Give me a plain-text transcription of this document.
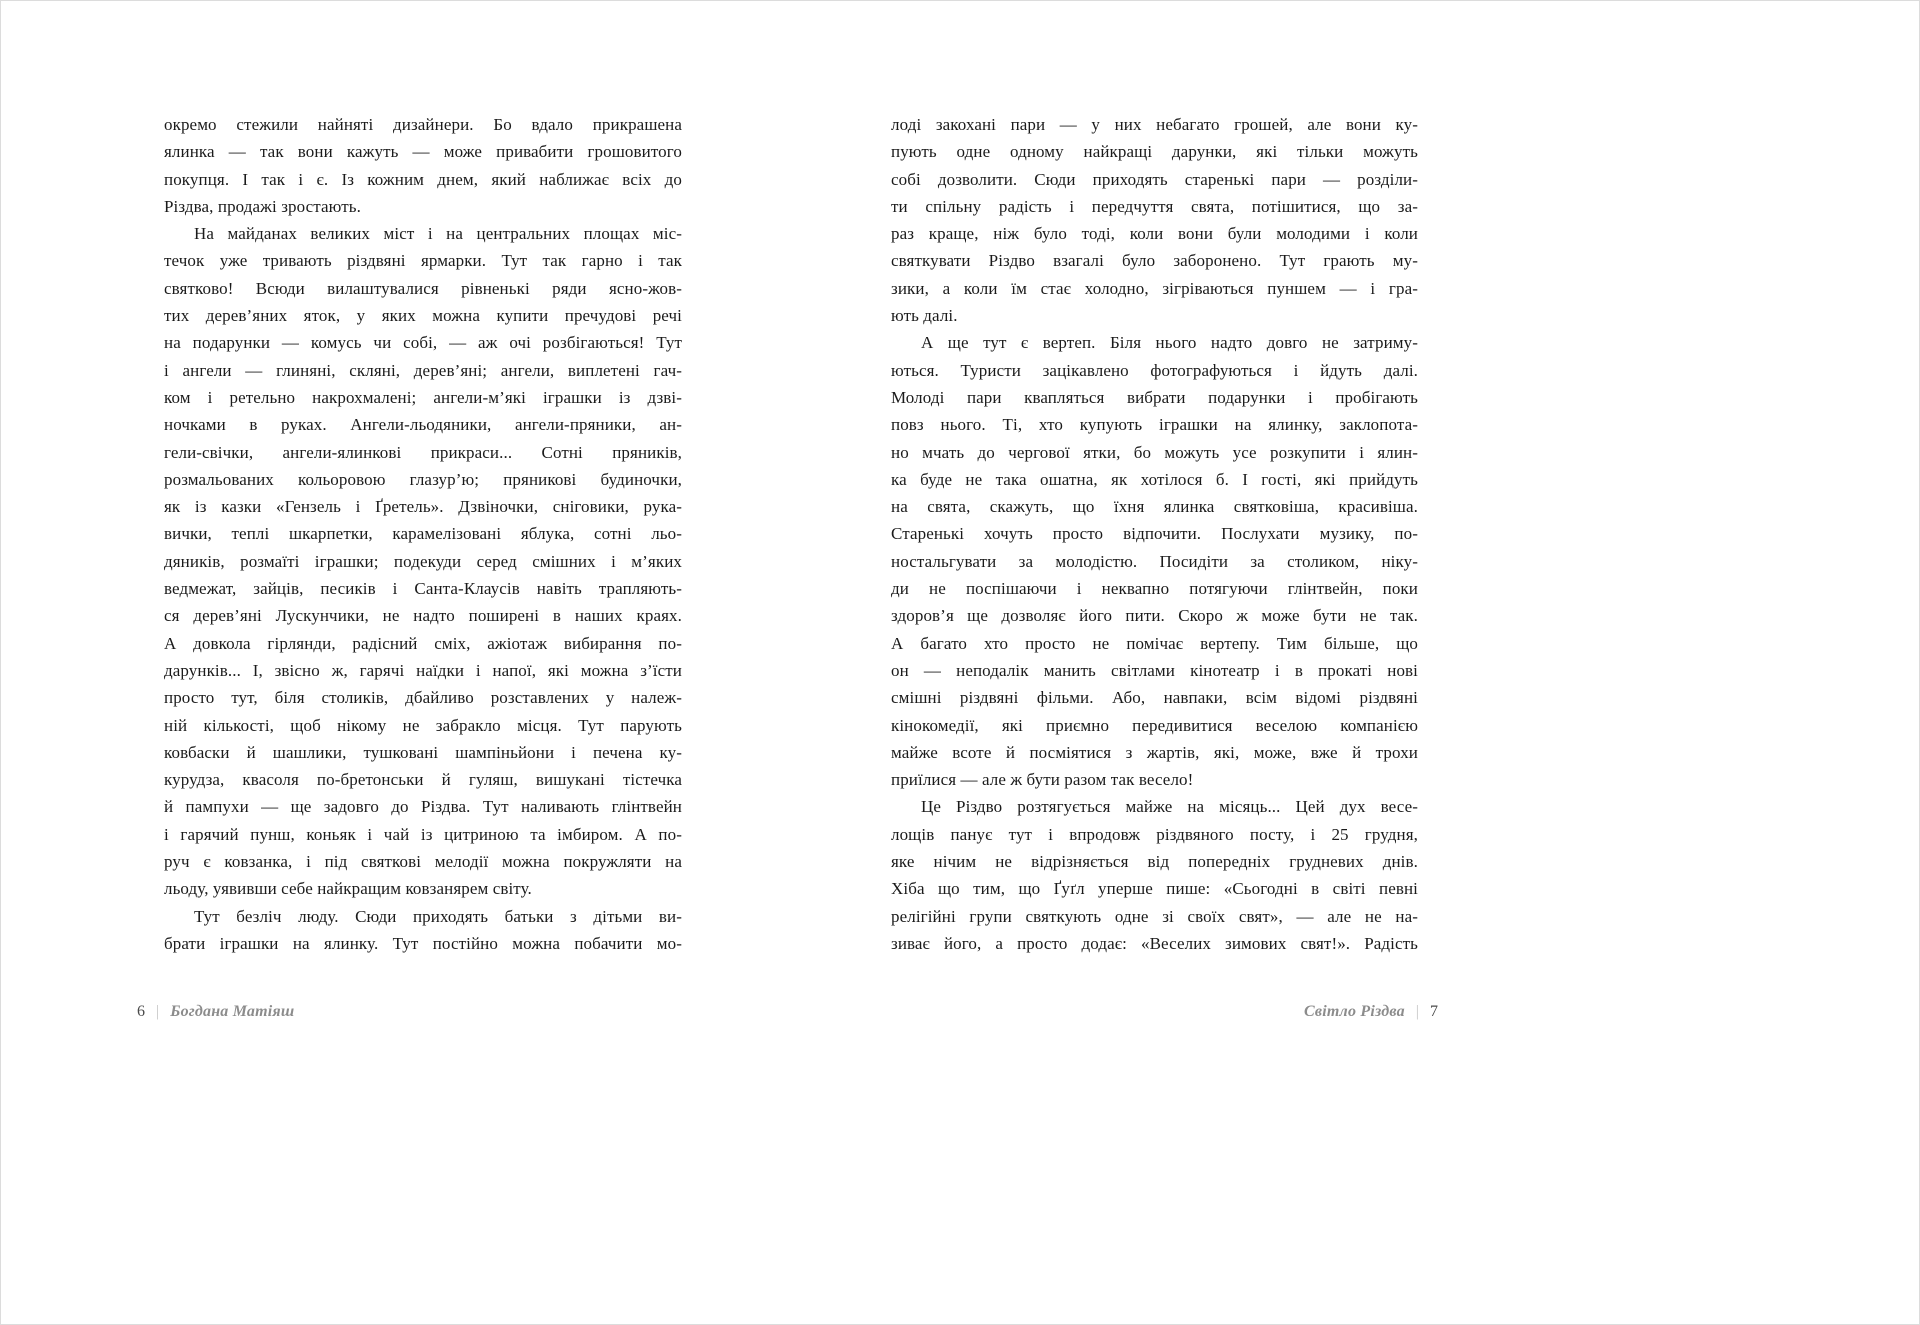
окремо стежили найняті дизайнери. Бо вдало прикрашена
ялинка — так вони кажуть — може привабити грошовитого
покупця. І так і є. Із кожним днем, який наближає всіх до
Різдва, продажі зростають.

На майданах великих міст і на центральних площах міс-
течок уже тривають різдвяні ярмарки. Тут так гарно і так
святково! Всюди вилаштувалися рівненькі ряди ясно-жов-
тих дерев’яних яток, у яких можна купити пречудові речі
на подарунки — комусь чи собі, — аж очі розбігаються! Тут
і ангели — глиняні, скляні, дерев’яні; ангели, виплетені гач-
ком і ретельно накрохмалені; ангели-м’які іграшки із дзві-
ночками в руках. Ангели-льодяники, ангели-пряники, ан-
гели-свічки, ангели-ялинкові прикраси... Сотні пряників,
розмальованих кольоровою глазур’ю; пряникові будиночки,
як із казки «Гензель і Ґретель». Дзвіночки, сніговики, рука-
вички, теплі шкарпетки, карамелізовані яблука, сотні льо-
дяників, розмаїті іграшки; подекуди серед смішних і м’яких
ведмежат, зайців, песиків і Санта-Клаусів навіть трапляють-
ся дерев’яні Лускунчики, не надто поширені в наших краях.
А довкола гірлянди, радісний сміх, ажіотаж вибирання по-
дарунків... І, звісно ж, гарячі наїдки і напої, які можна з’їсти
просто тут, біля столиків, дбайливо розставлених у належ-
ній кількості, щоб нікому не забракло місця. Тут парують
ковбаски й шашлики, тушковані шампіньйони і печена ку-
курудза, квасоля по-бретонськи й гуляш, вишукані тістечка
й пампухи — ще задовго до Різдва. Тут наливають глінтвейн
і гарячий пунш, коньяк і чай із цитриною та імбиром. А по-
руч є ковзанка, і під святкові мелодії можна покружляти на
льоду, уявивши себе найкращим ковзанярем світу.

Тут безліч люду. Сюди приходять батьки з дітьми ви-
брати іграшки на ялинку. Тут постійно можна побачити мо-

лоді закохані пари — у них небагато грошей, але вони ку-
пують одне одному найкращі дарунки, які тільки можуть
собі дозволити. Сюди приходять старенькі пари — розділи-
ти спільну радість і передчуття свята, потішитися, що за-
раз краще, ніж було тоді, коли вони були молодими і коли
святкувати Різдво взагалі було заборонено. Тут грають му-
зики, а коли їм стає холодно, зігріваються пуншем — і гра-
ють далі.

А ще тут є вертеп. Біля нього надто довго не затриму-
ються. Туристи зацікавлено фотографуються і йдуть далі.
Молоді пари квапляться вибрати подарунки і пробігають
повз нього. Ті, хто купують іграшки на ялинку, заклопота-
но мчать до чергової ятки, бо можуть усе розкупити і ялин-
ка буде не така ошатна, як хотілося б. І гості, які прийдуть
на свята, скажуть, що їхня ялинка святковіша, красивіша.
Старенькі хочуть просто відпочити. Послухати музику, по-
ностальгувати за молодістю. Посидіти за столиком, ніку-
ди не поспішаючи і неквапно потягуючи глінтвейн, поки
здоров’я ще дозволяє його пити. Скоро ж може бути не так.
А багато хто просто не помічає вертепу. Тим більше, що
он — неподалік манить світлами кінотеатр і в прокаті нові
смішні різдвяні фільми. Або, навпаки, всім відомі різдвяні
кінокомедії, які приємно передивитися веселою компанією
майже всоте й посміятися з жартів, які, може, вже й трохи
приїлися — але ж бути разом так весело!

Це Різдво розтягується майже на місяць... Цей дух весе-
лощів панує тут і впродовж різдвяного посту, і 25 грудня,
яке нічим не відрізняється від попередніх грудневих днів.
Хіба що тим, що Ґуґл уперше пише: «Сьогодні в світі певні
релігійні групи святкують одне зі своїх свят», — але не на-
зиває його, а просто додає: «Веселих зимових свят!». Радість

6 | Богдана Матіяш	Світло Різдва | 7
